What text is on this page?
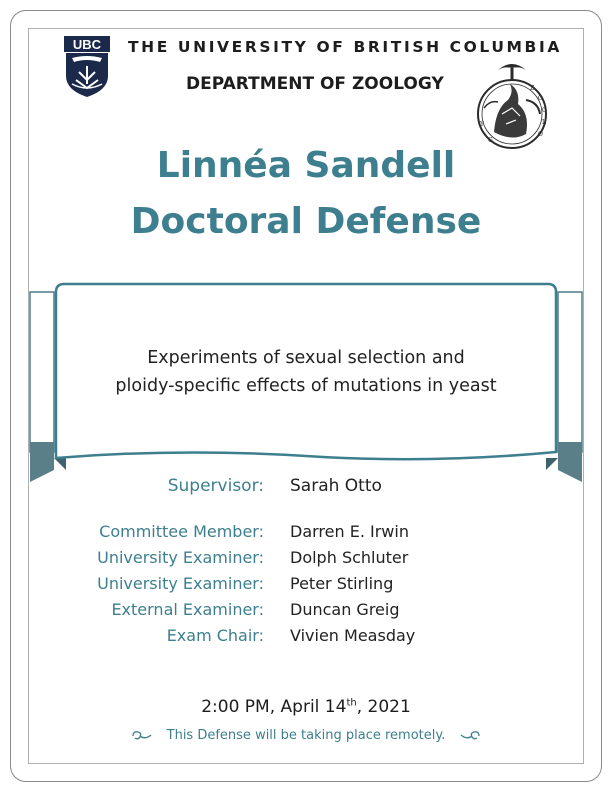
UBC THE UNIVERSITY OF BRITISH COLUMBIA
DEPARTMENT OF ZOOLOGY	Z
O
O
L
O
G
Y
Linnéa Sandell
Doctoral Defense
Experiments of sexual selection and
ploidy-specific effects of mutations in yeast
Supervisor: Sarah Otto
Committee Member: Darren E. Irwin
University Examiner: Dolph Schluter
University Examiner: Peter Stirling
External Examiner: Duncan Greig
Exam Chair: Vivien Measday
2:00 PM, April 14th, 2021
This Defense will be taking place remotely.
